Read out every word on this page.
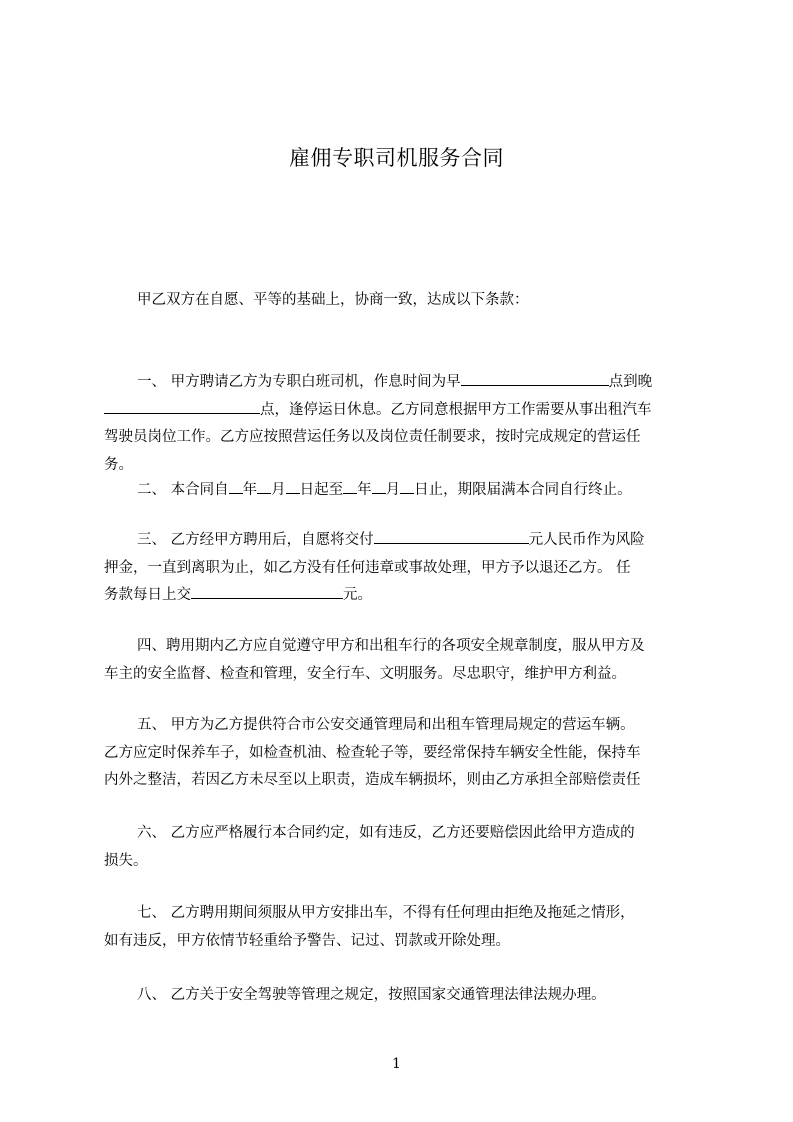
雇佣专职司机服务合同
甲乙双方在自愿、平等的基础上，协商一致，达成以下条款：
一、 甲方聘请乙方为专职白班司机，作息时间为早	点到晚
点，逢停运日休息。乙方同意根据甲方工作需要从事出租汽车
驾驶员岗位工作。乙方应按照营运任务以及岗位责任制要求，按时完成规定的营运任
务。
二、 本合同自 年 月 日起至 年 月 日止，期限届满本合同自行终止。
三、 乙方经甲方聘用后，自愿将交付	元人民币作为风险
押金，一直到离职为止，如乙方没有任何违章或事故处理，甲方予以退还乙方。 任
务款每日上交	元。
四、聘用期内乙方应自觉遵守甲方和出租车行的各项安全规章制度，服从甲方及
车主的安全监督、检查和管理，安全行车、文明服务。尽忠职守，维护甲方利益。
五、 甲方为乙方提供符合市公安交通管理局和出租车管理局规定的营运车辆。
乙方应定时保养车子，如检查机油、检查轮子等，要经常保持车辆安全性能，保持车
内外之整洁，若因乙方未尽至以上职责，造成车辆损坏，则由乙方承担全部赔偿责任
六、 乙方应严格履行本合同约定，如有违反，乙方还要赔偿因此给甲方造成的
损失。
七、 乙方聘用期间须服从甲方安排出车，不得有任何理由拒绝及拖延之情形，
如有违反，甲方依情节轻重给予警告、记过、罚款或开除处理。
八、 乙方关于安全驾驶等管理之规定，按照国家交通管理法律法规办理。
1
